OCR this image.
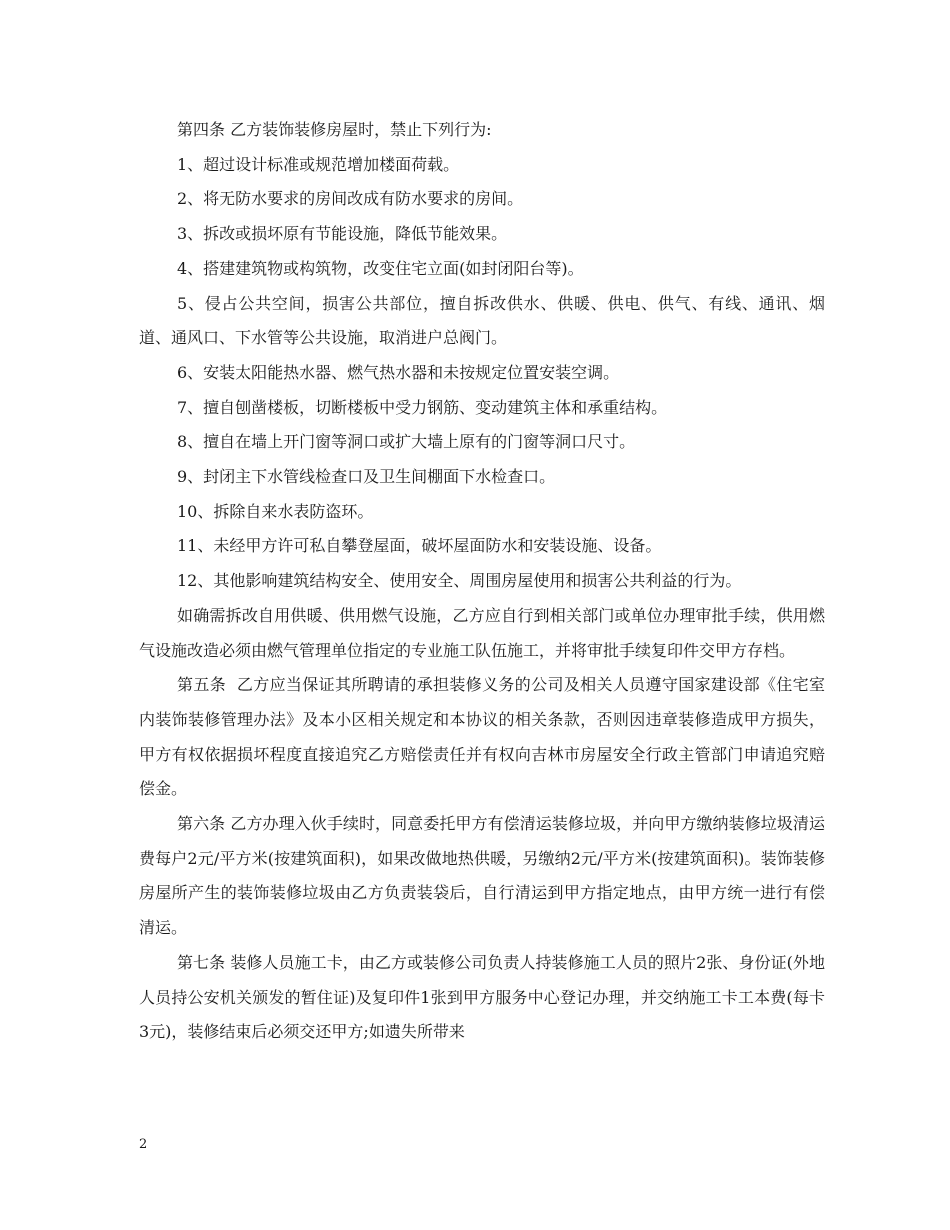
第四条 乙方装饰装修房屋时，禁止下列行为:

1、超过设计标准或规范增加楼面荷载。

2、将无防水要求的房间改成有防水要求的房间。

3、拆改或损坏原有节能设施，降低节能效果。

4、搭建建筑物或构筑物，改变住宅立面(如封闭阳台等)。

5、侵占公共空间，损害公共部位，擅自拆改供水、供暖、供电、供气、有线、通讯、烟道、通风口、下水管等公共设施，取消进户总阀门。

6、安装太阳能热水器、燃气热水器和未按规定位置安装空调。

7、擅自刨凿楼板，切断楼板中受力钢筋、变动建筑主体和承重结构。

8、擅自在墙上开门窗等洞口或扩大墙上原有的门窗等洞口尺寸。

9、封闭主下水管线检查口及卫生间棚面下水检查口。

10、拆除自来水表防盗环。

11、未经甲方许可私自攀登屋面，破坏屋面防水和安装设施、设备。

12、其他影响建筑结构安全、使用安全、周围房屋使用和损害公共利益的行为。

如确需拆改自用供暖、供用燃气设施，乙方应自行到相关部门或单位办理审批手续，供用燃气设施改造必须由燃气管理单位指定的专业施工队伍施工，并将审批手续复印件交甲方存档。

第五条  乙方应当保证其所聘请的承担装修义务的公司及相关人员遵守国家建设部《住宅室内装饰装修管理办法》及本小区相关规定和本协议的相关条款，否则因违章装修造成甲方损失，甲方有权依据损坏程度直接追究乙方赔偿责任并有权向吉林市房屋安全行政主管部门申请追究赔偿金。

第六条 乙方办理入伙手续时，同意委托甲方有偿清运装修垃圾，并向甲方缴纳装修垃圾清运费每户2元/平方米(按建筑面积)，如果改做地热供暖，另缴纳2元/平方米(按建筑面积)。装饰装修房屋所产生的装饰装修垃圾由乙方负责装袋后，自行清运到甲方指定地点，由甲方统一进行有偿清运。

第七条 装修人员施工卡，由乙方或装修公司负责人持装修施工人员的照片2张、身份证(外地人员持公安机关颁发的暂住证)及复印件1张到甲方服务中心登记办理，并交纳施工卡工本费(每卡3元)，装修结束后必须交还甲方;如遗失所带来

2
